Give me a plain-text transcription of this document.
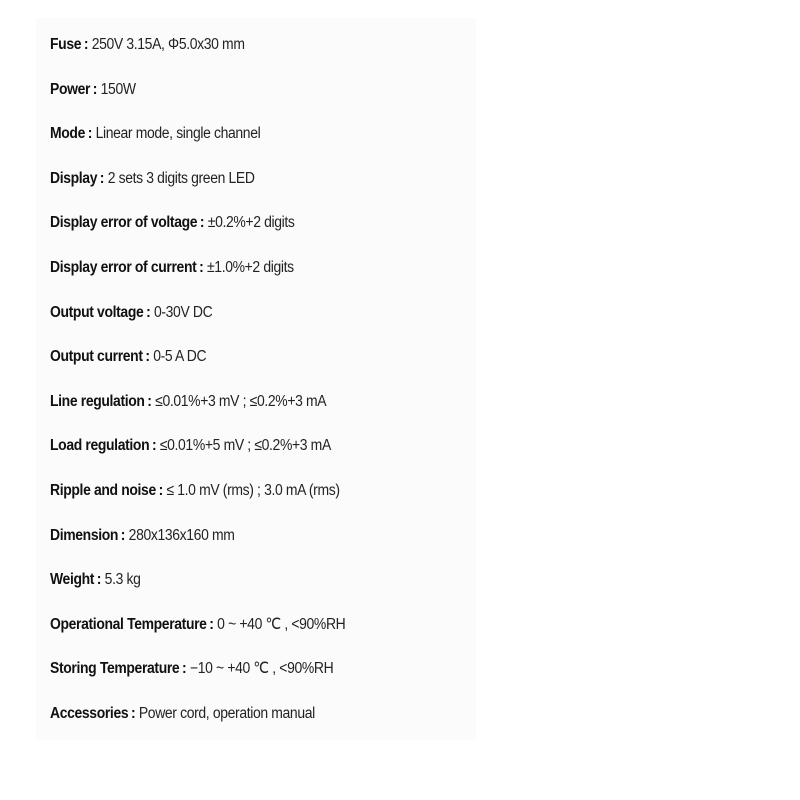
Fuse : 250V 3.15A, Φ5.0x30 mm
Power : 150W
Mode : Linear mode, single channel
Display : 2 sets 3 digits green LED
Display error of voltage : ±0.2%+2 digits
Display error of current : ±1.0%+2 digits
Output voltage : 0-30V DC
Output current : 0-5 A DC
Line regulation : ≤0.01%+3 mV ; ≤0.2%+3 mA
Load regulation : ≤0.01%+5 mV ; ≤0.2%+3 mA
Ripple and noise : ≤ 1.0 mV (rms) ; 3.0 mA (rms)
Dimension : 280x136x160 mm
Weight : 5.3 kg
Operational Temperature : 0 ~ +40 ℃ , <90%RH
Storing Temperature : −10 ~ +40 ℃ , <90%RH
Accessories : Power cord, operation manual
